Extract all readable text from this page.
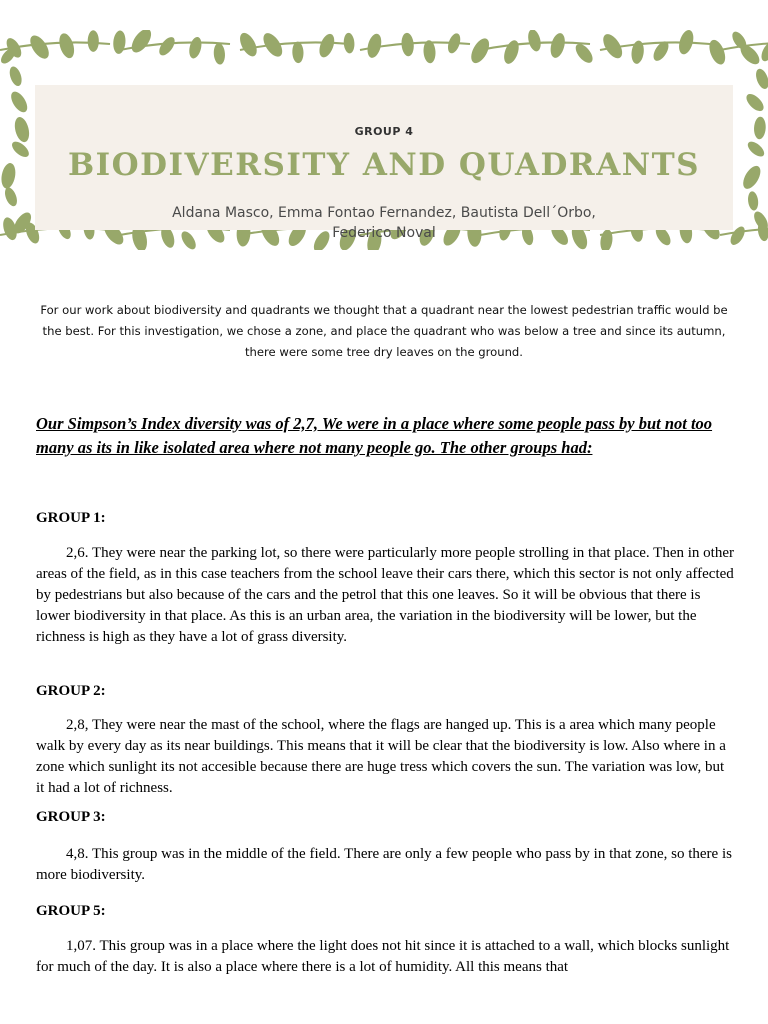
GROUP 4
BIODIVERSITY AND QUADRANTS
Aldana Masco, Emma Fontao Fernandez, Bautista Dell´Orbo,
Federico Noval

For our work about biodiversity and quadrants we thought that a quadrant near the lowest pedestrian traffic would be the best. For this investigation, we chose a zone, and place the quadrant who was below a tree and since its autumn, there were some tree dry leaves on the ground.

Our Simpson’s Index diversity was of 2,7, We were in a place where some people pass by but not too many as its in like isolated area where not many people go. The other groups had:

GROUP 1:

2,6. They were near the parking lot, so there were particularly more people strolling in that place. Then in other areas of the field, as in this case teachers from the school leave their cars there, which this sector is not only affected by pedestrians but also because of the cars and the petrol that this one leaves. So it will be obvious that there is lower biodiversity in that place. As this is an urban area, the variation in the biodiversity will be lower, but the richness is high as they have a lot of grass diversity.

GROUP 2:

2,8, They were near the mast of the school, where the flags are hanged up. This is a area which many people walk by every day as its near buildings. This means that it will be clear that the biodiversity is low. Also where in a zone which sunlight its not accesible because there are huge tress which covers the sun. The variation was low, but it had a lot of richness.

GROUP 3:

4,8. This group was in the middle of the field. There are only a few people who pass by in that zone, so there is more biodiversity.

GROUP 5:

1,07. This group was in a place where the light does not hit since it is attached to a wall, which blocks sunlight for much of the day. It is also a place where there is a lot of humidity. All this means that
